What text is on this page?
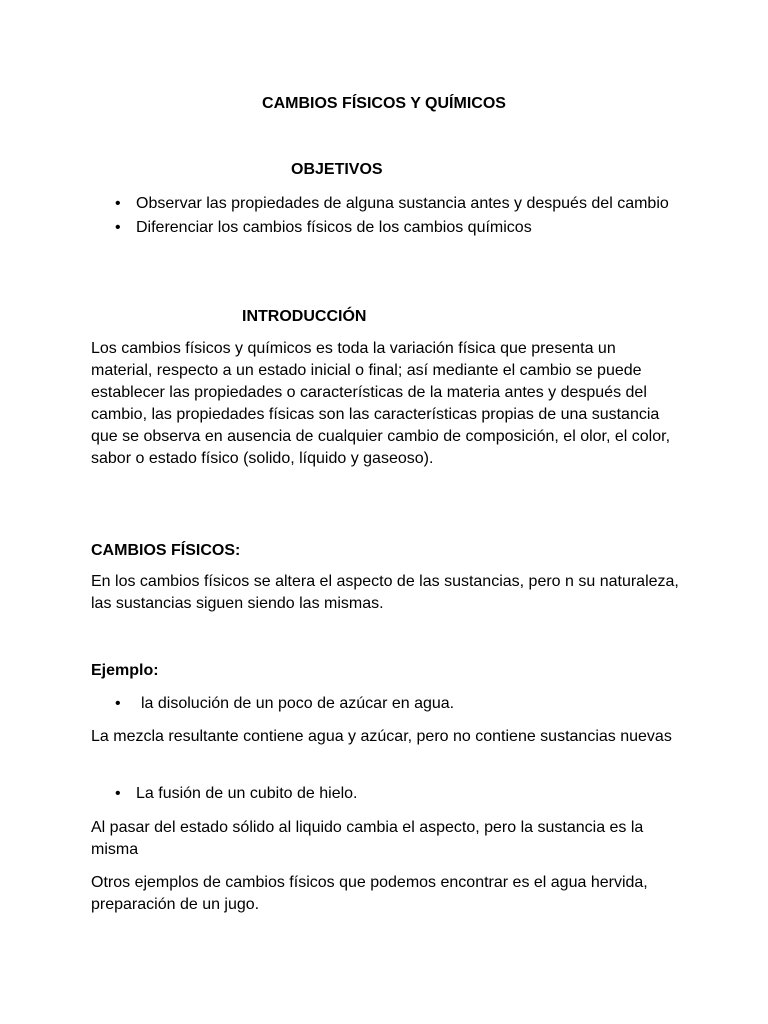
CAMBIOS FÍSICOS Y QUÍMICOS
OBJETIVOS
• Observar las propiedades de alguna sustancia antes y después del cambio
• Diferenciar los cambios físicos de los cambios químicos
INTRODUCCIÓN

Los cambios físicos y químicos es toda la variación física que presenta un material, respecto a un estado inicial o final; así mediante el cambio se puede establecer las propiedades o características de la materia antes y después del cambio, las propiedades físicas son las características propias de una sustancia que se observa en ausencia de cualquier cambio de composición, el olor, el color, sabor o estado físico (solido, líquido y gaseoso).

CAMBIOS FÍSICOS:

En los cambios físicos se altera el aspecto de las sustancias, pero n su naturaleza, las sustancias siguen siendo las mismas.

Ejemplo:
• la disolución de un poco de azúcar en agua.

La mezcla resultante contiene agua y azúcar, pero no contiene sustancias nuevas

• La fusión de un cubito de hielo.

Al pasar del estado sólido al liquido cambia el aspecto, pero la sustancia es la misma

Otros ejemplos de cambios físicos que podemos encontrar es el agua hervida, preparación de un jugo.
